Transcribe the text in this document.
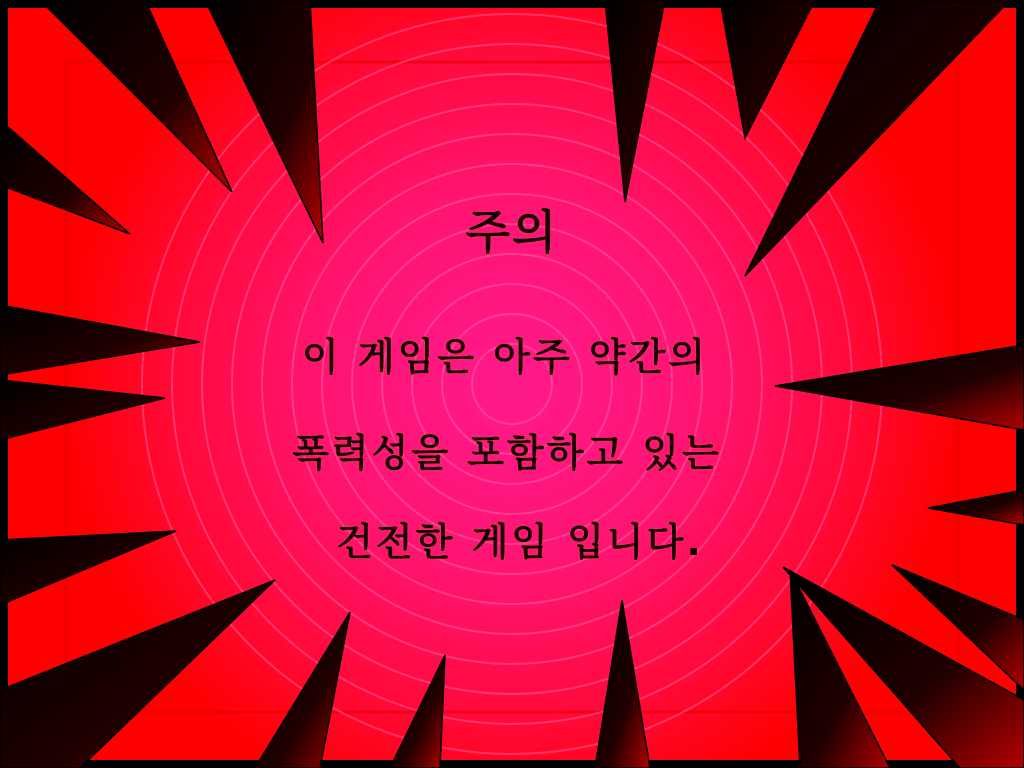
주의
이 게임은 아주 약간의
폭력성을 포함하고 있는
건전한 게임 입니다.
